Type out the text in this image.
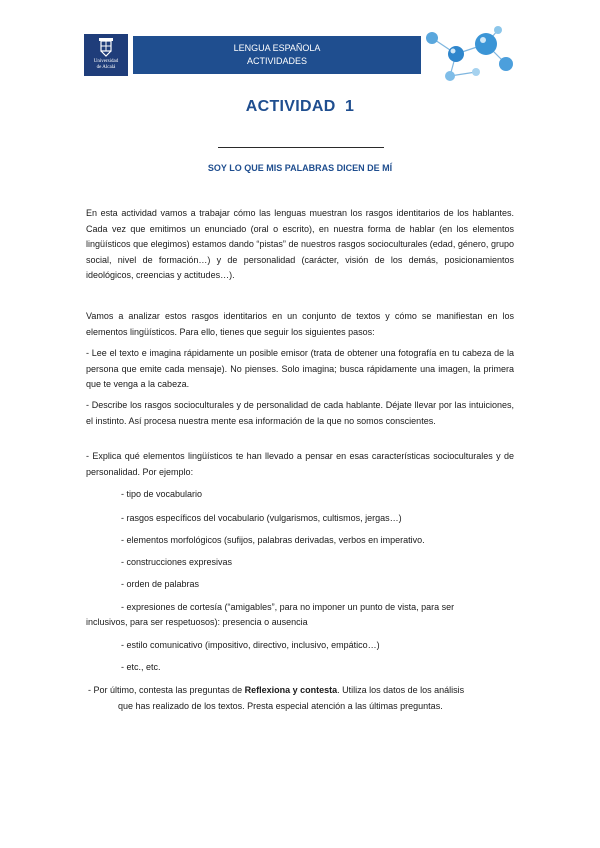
Universidad
de Alcalá
LENGUA ESPAÑOLA
ACTIVIDADES
ACTIVIDAD  1
SOY LO QUE MIS PALABRAS DICEN DE MÍ

En esta actividad vamos a trabajar cómo las lenguas muestran los rasgos identitarios de los hablantes. Cada vez que emitimos un enunciado (oral o escrito), en nuestra forma de hablar (en los elementos lingüísticos que elegimos) estamos dando “pistas” de nuestros rasgos socioculturales (edad, género, grupo social, nivel de formación…) y de personalidad (carácter, visión de los demás, posicionamientos ideológicos, creencias y actitudes…).

Vamos a analizar estos rasgos identitarios en un conjunto de textos y cómo se manifiestan en los elementos lingüísticos. Para ello, tienes que seguir los siguientes pasos:

- Lee el texto e imagina rápidamente un posible emisor (trata de obtener una fotografía en tu cabeza de la persona que emite cada mensaje). No pienses. Solo imagina; busca rápidamente una imagen, la primera que te venga a la cabeza.

- Describe los rasgos socioculturales y de personalidad de cada hablante. Déjate llevar por las intuiciones, el instinto. Así procesa nuestra mente esa información de la que no somos conscientes.

- Explica qué elementos lingüísticos te han llevado a pensar en esas características socioculturales y de personalidad. Por ejemplo:

- tipo de vocabulario

- rasgos específicos del vocabulario (vulgarismos, cultismos, jergas…)

- elementos morfológicos (sufijos, palabras derivadas, verbos en imperativo.

- construcciones expresivas

- orden de palabras

- expresiones de cortesía (“amigables”, para no imponer un punto de vista, para ser

inclusivos, para ser respetuosos): presencia o ausencia

- estilo comunicativo (impositivo, directivo, inclusivo, empático…)

- etc., etc.

- Por último, contesta las preguntas de Reflexiona y contesta. Utiliza los datos de los análisis
que has realizado de los textos. Presta especial atención a las últimas preguntas.
